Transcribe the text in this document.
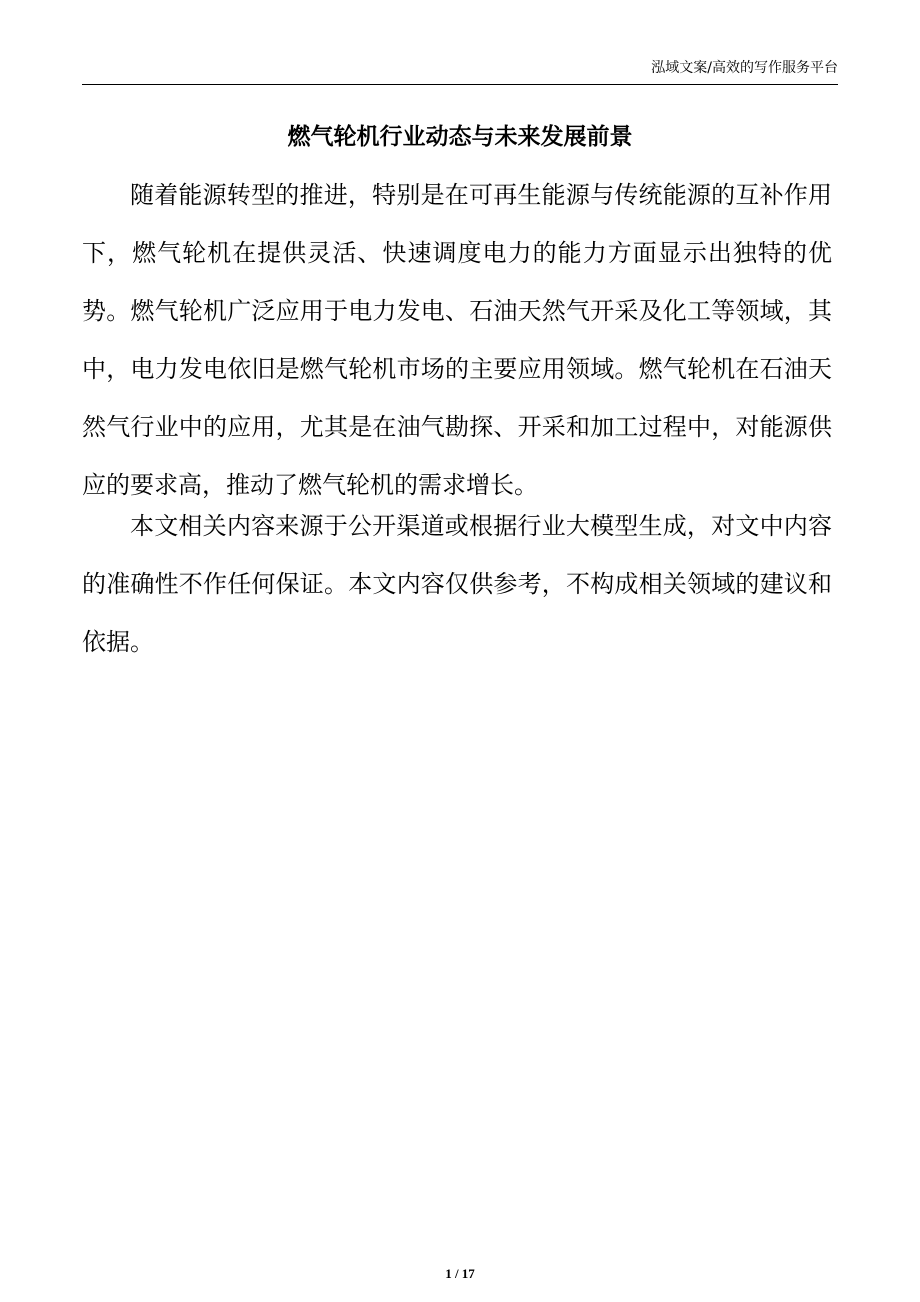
泓域文案/高效的写作服务平台
燃气轮机行业动态与未来发展前景

随着能源转型的推进，特别是在可再生能源与传统能源的互补作用下，燃气轮机在提供灵活、快速调度电力的能力方面显示出独特的优势。燃气轮机广泛应用于电力发电、石油天然气开采及化工等领域，其中，电力发电依旧是燃气轮机市场的主要应用领域。燃气轮机在石油天然气行业中的应用，尤其是在油气勘探、开采和加工过程中，对能源供应的要求高，推动了燃气轮机的需求增长。

本文相关内容来源于公开渠道或根据行业大模型生成，对文中内容的准确性不作任何保证。本文内容仅供参考，不构成相关领域的建议和依据。

1 / 17
